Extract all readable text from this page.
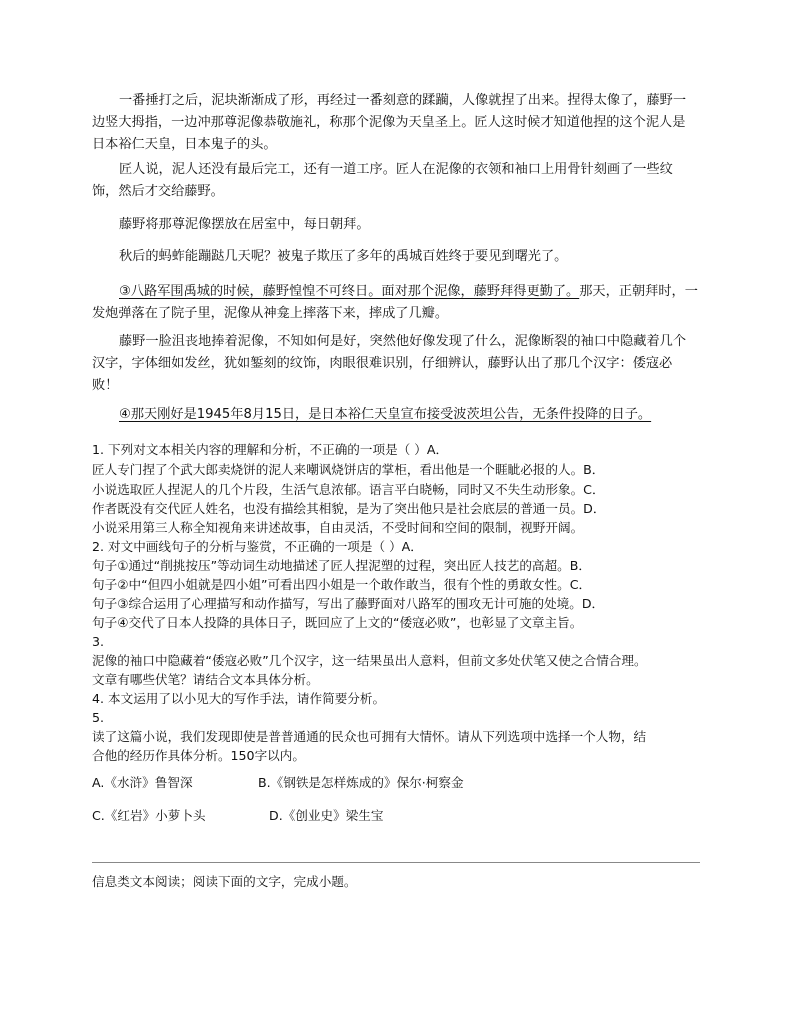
一番捶打之后，泥块渐渐成了形，再经过一番刻意的蹂躏，人像就捏了出来。捏得太像了，藤野一边竖大拇指，一边冲那尊泥像恭敬施礼，称那个泥像为天皇圣上。匠人这时候才知道他捏的这个泥人是日本裕仁天皇，日本鬼子的头。
匠人说，泥人还没有最后完工，还有一道工序。匠人在泥像的衣领和袖口上用骨针刻画了一些纹饰，然后才交给藤野。
藤野将那尊泥像摆放在居室中，每日朝拜。
秋后的蚂蚱能蹦跶几天呢？被鬼子欺压了多年的禹城百姓终于要见到曙光了。
③八路军围禹城的时候，藤野惶惶不可终日。面对那个泥像，藤野拜得更勤了。那天，正朝拜时，一发炮弹落在了院子里，泥像从神龛上摔落下来，摔成了几瓣。
藤野一脸沮丧地捧着泥像，不知如何是好，突然他好像发现了什么，泥像断裂的袖口中隐藏着几个汉字，字体细如发丝，犹如錾刻的纹饰，肉眼很难识别，仔细辨认，藤野认出了那几个汉字：倭寇必败！
④那天刚好是1945年8月15日，是日本裕仁天皇宣布接受波茨坦公告，无条件投降的日子。
1. 下列对文本相关内容的理解和分析，不正确的一项是（ ）A．
匠人专门捏了个武大郎卖烧饼的泥人来嘲讽烧饼店的掌柜，看出他是一个睚眦必报的人。B．
小说选取匠人捏泥人的几个片段，生活气息浓郁。语言平白晓畅，同时又不失生动形象。C．
作者既没有交代匠人姓名，也没有描绘其相貌，是为了突出他只是社会底层的普通一员。D．
小说采用第三人称全知视角来讲述故事，自由灵活，不受时间和空间的限制，视野开阔。
2. 对文中画线句子的分析与鉴赏，不正确的一项是（ ）A．
句子①通过“削挑按压”等动词生动地描述了匠人捏泥塑的过程，突出匠人技艺的高超。B．
句子②中“但四小姐就是四小姐”可看出四小姐是一个敢作敢当，很有个性的勇敢女性。C．
句子③综合运用了心理描写和动作描写，写出了藤野面对八路军的围攻无计可施的处境。D．
句子④交代了日本人投降的具体日子，既回应了上文的“倭寇必败”，也彰显了文章主旨。
3.
泥像的袖口中隐藏着“倭寇必败”几个汉字，这一结果虽出人意料，但前文多处伏笔又使之合情合理。
文章有哪些伏笔？请结合文本具体分析。
4. 本文运用了以小见大的写作手法，请作简要分析。
5.
读了这篇小说，我们发现即使是普普通通的民众也可拥有大情怀。请从下列选项中选择一个人物，结
合他的经历作具体分析。150字以内。
A.《水浒》鲁智深	B.《钢铁是怎样炼成的》保尔·柯察金
C.《红岩》小萝卜头	D.《创业史》梁生宝
信息类文本阅读；阅读下面的文字，完成小题。
